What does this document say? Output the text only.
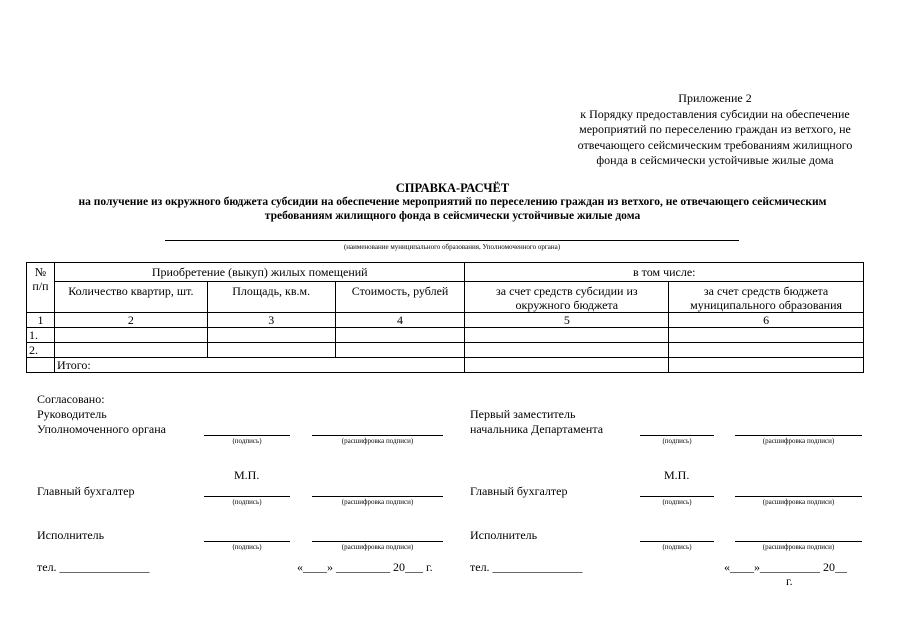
Приложение 2
к Порядку предоставления субсидии на обеспечение
мероприятий по переселению граждан из ветхого, не
отвечающего сейсмическим требованиям жилищного
фонда в сейсмически устойчивые жилые дома
СПРАВКА-РАСЧЁТ
на получение из окружного бюджета субсидии на обеспечение мероприятий по переселению граждан из ветхого, не отвечающего сейсмическим
требованиям жилищного фонда в сейсмически устойчивые жилые дома
(наименование муниципального образования, Уполномоченного органа)
№ п/п	Приобретение (выкуп) жилых помещений			в том числе:	
	Количество квартир, шт.	Площадь, кв.м.	Стоимость, рублей	за счет средств субсидии из окружного бюджета	за счет средств бюджета муниципального образования
1	2	3	4	5	6
1.					
2.					
	Итого:				
Согласовано:
Руководитель
Уполномоченного органа
(подпись)	(расшифровка подписи)
М.П.
Главный бухгалтер
(подпись)	(расшифровка подписи)
Исполнитель
(подпись)	(расшифровка подписи)
тел. _______________	«____» _________ 20___ г.
Первый заместитель
начальника Департамента
(подпись)	(расшифровка подписи)
М.П.
Главный бухгалтер
(подпись)	(расшифровка подписи)
Исполнитель
(подпись)	(расшифровка подписи)
тел. _______________	«____»__________ 20__
г.
